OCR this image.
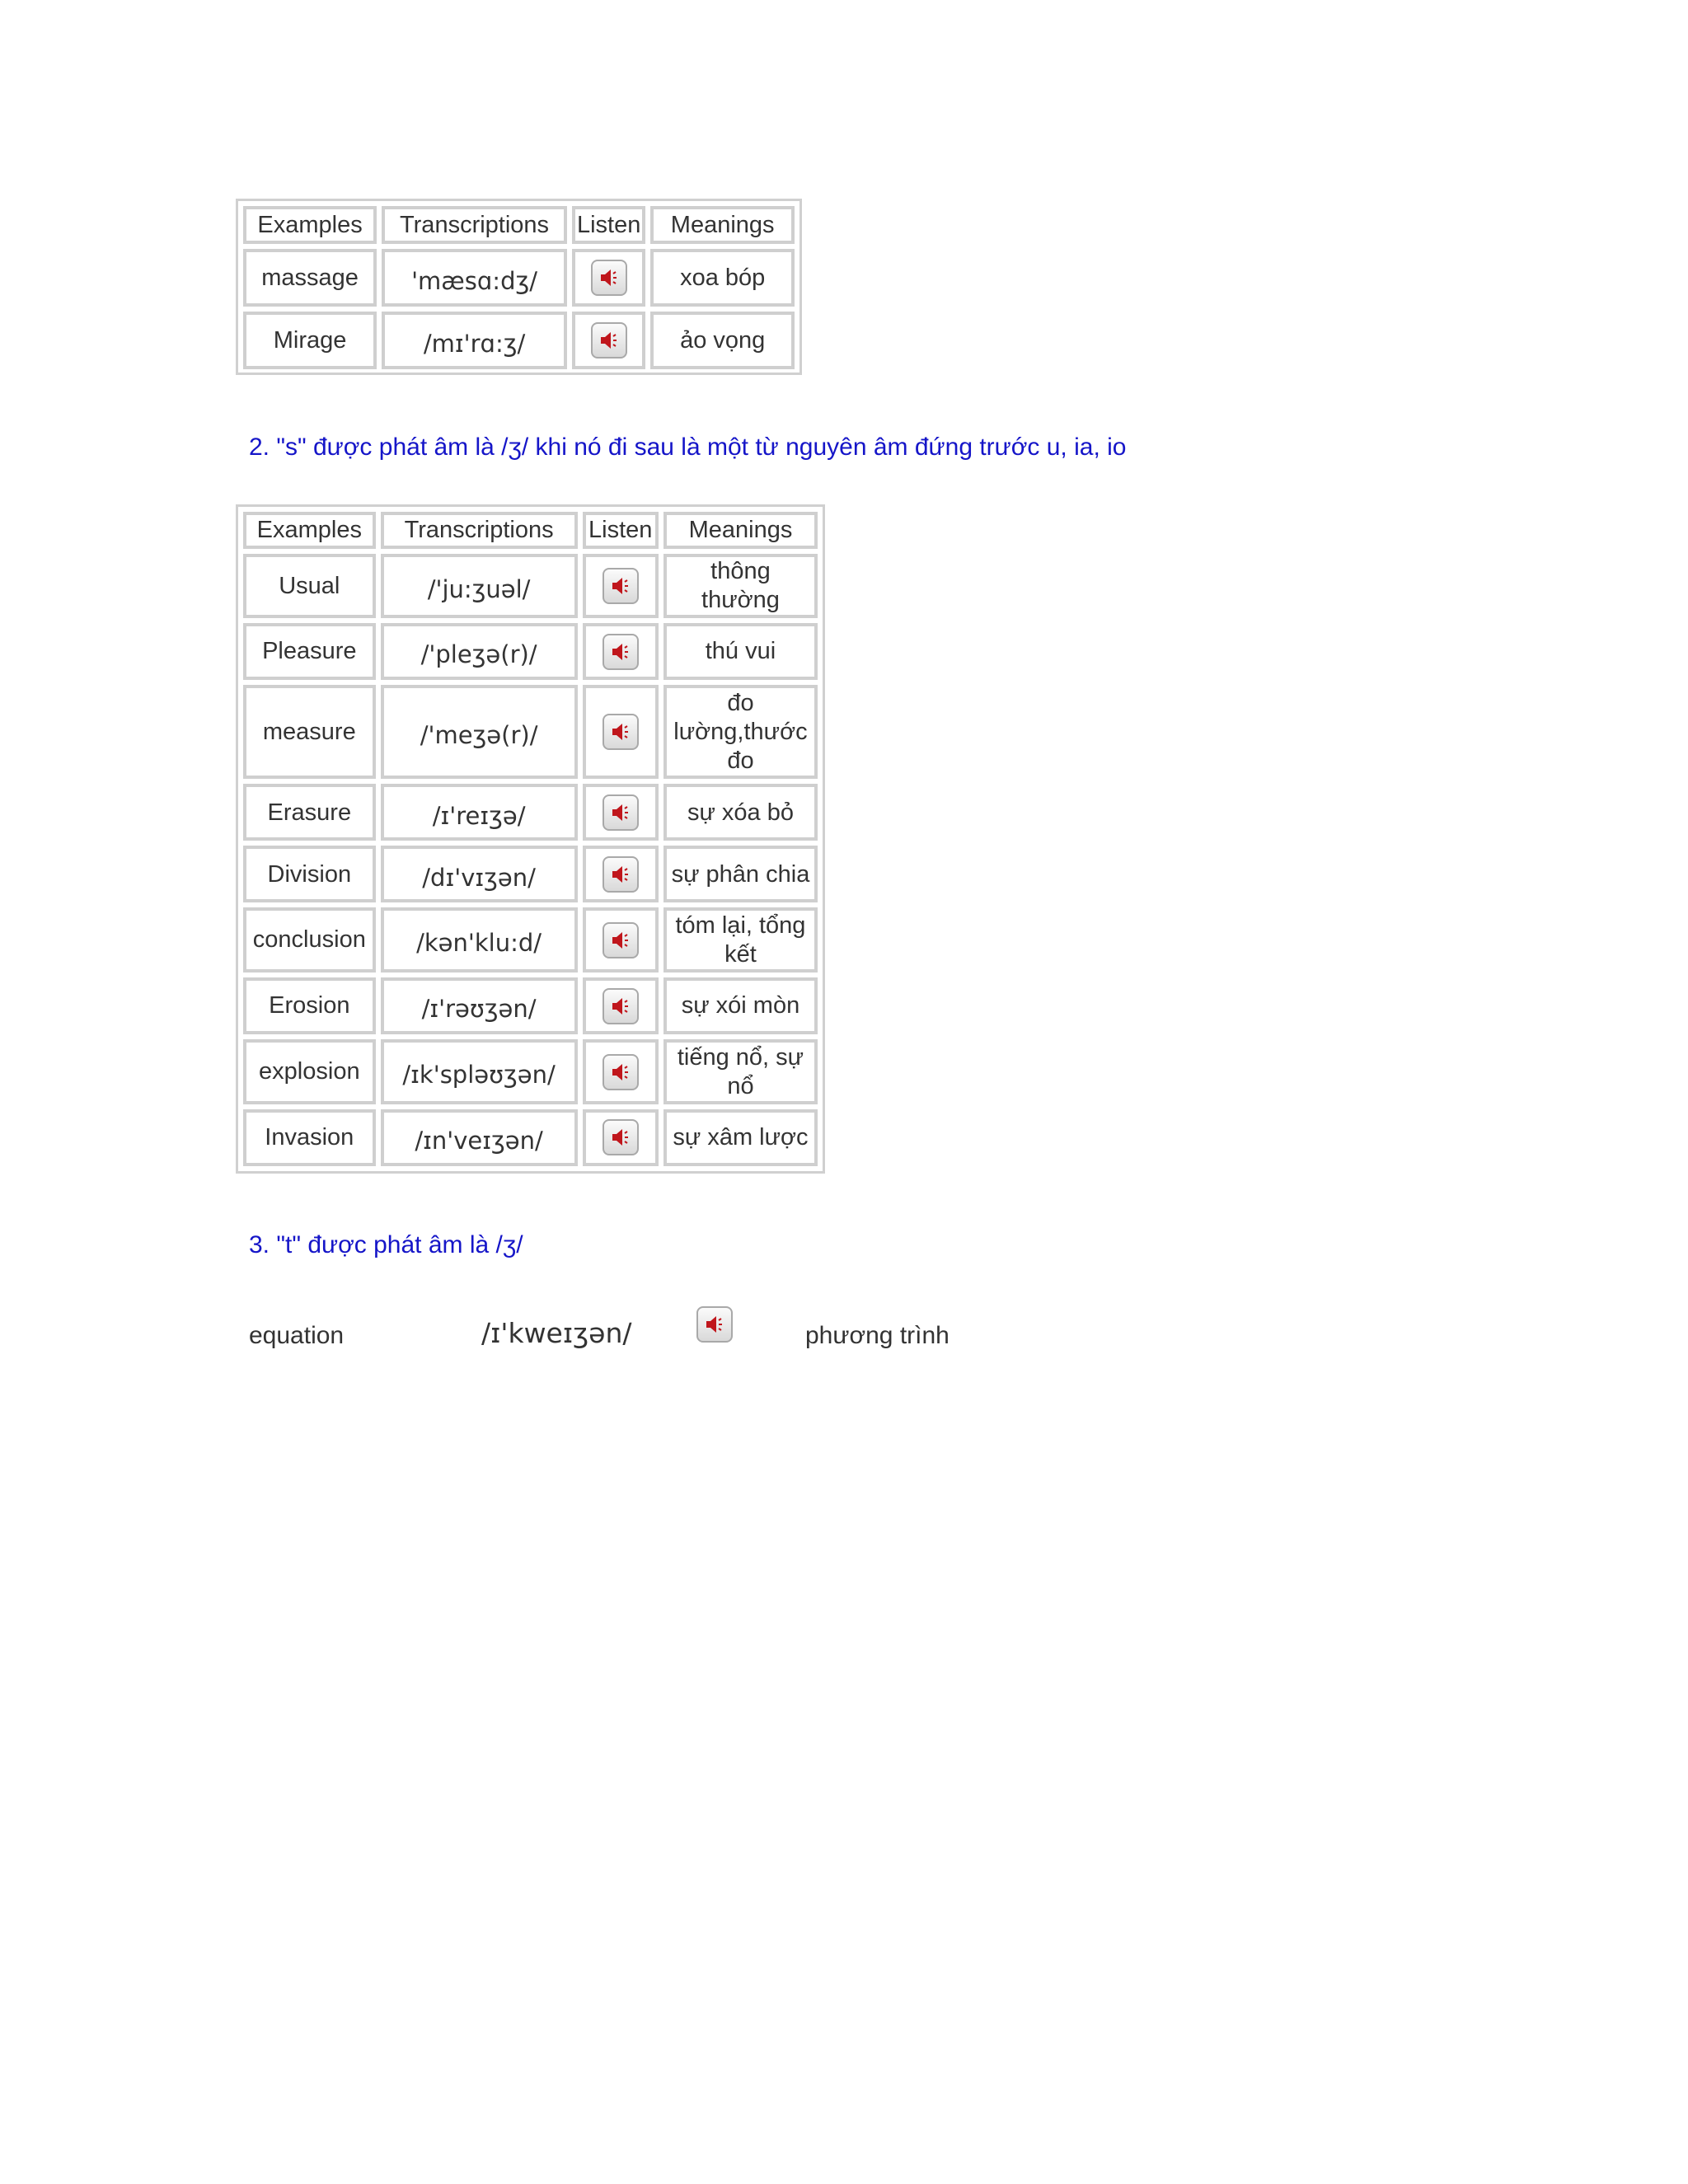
Examples	Transcriptions	Listen	Meanings
massage	'mæsɑ:dʒ/		xoa bóp
Mirage	/mɪ'rɑ:ʒ/		ảo vọng
2. "s" được phát âm là /ʒ/ khi nó đi sau là một từ nguyên âm đứng trước u, ia, io
Examples	Transcriptions	Listen	Meanings
Usual	/'ju:ʒuəl/		thông thường
Pleasure	/'pleʒə(r)/		thú vui
measure	/'meʒə(r)/		đo lường,thước đo
Erasure	/ɪ'reɪʒə/		sự xóa bỏ
Division	/dɪ'vɪʒən/		sự phân chia
conclusion	/kən'klu:d/		tóm lại, tổng kết
Erosion	/ɪ'rəʊʒən/		sự xói mòn
explosion	/ɪk'spləʊʒən/		tiếng nổ, sự nổ
Invasion	/ɪn'veɪʒən/		sự xâm lược
3. "t" được phát âm là /ʒ/
equation	/ɪ'kweɪʒən/	phương trình
